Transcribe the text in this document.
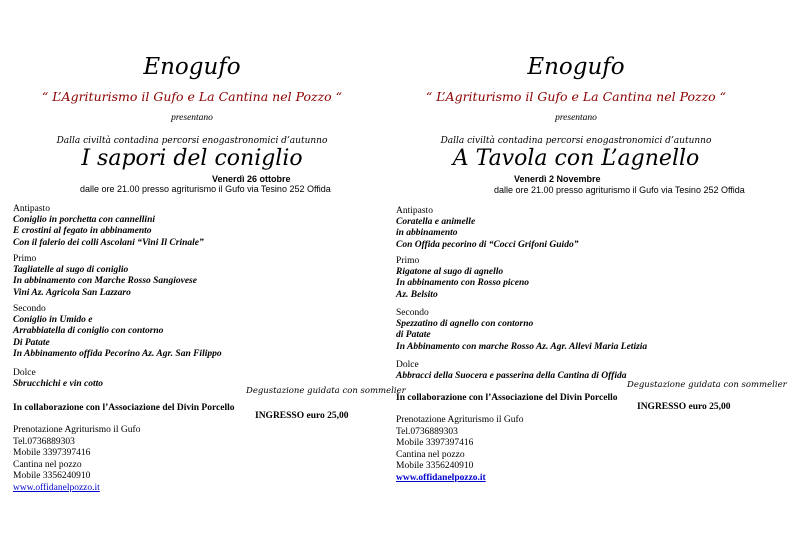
Enogufo
“ L’Agriturismo il Gufo e La Cantina nel Pozzo “
presentano
Dalla civiltà contadina percorsi enogastronomici d’autunno
I sapori del coniglio
Venerdì 26 ottobre
dalle ore 21.00 presso agriturismo il Gufo via Tesino 252 Offida
Antipasto
Coniglio in porchetta con cannellini
E crostini al fegato in abbinamento
Con il falerio dei colli Ascolani “Vini Il Crinale”
Primo
Tagliatelle al sugo di coniglio
In abbinamento con Marche Rosso Sangiovese
Vini Az. Agricola San Lazzaro
Secondo
Coniglio in Umido e
Arrabbiatella di coniglio con contorno
Di Patate
In Abbinamento offida Pecorino Az. Agr. San Filippo
Dolce
Sbrucchichi e vin cotto
Degustazione guidata con sommelier
In collaborazione con l’Associazione del Divin Porcello
INGRESSO euro 25,00
Prenotazione Agriturismo il Gufo
Tel.0736889303
Mobile 3397397416
Cantina nel pozzo
Mobile 3356240910
www.offidanelpozzo.it
Enogufo
“ L’Agriturismo il Gufo e La Cantina nel Pozzo “
presentano
Dalla civiltà contadina percorsi enogastronomici d’autunno
A Tavola con L’agnello
Venerdì 2 Novembre
dalle ore 21.00 presso agriturismo il Gufo via Tesino 252 Offida
Antipasto
Coratella e animelle
in abbinamento
Con Offida pecorino di “Cocci Grifoni Guido”
Primo
Rigatone al sugo di agnello
In abbinamento con Rosso piceno
Az. Belsito
Secondo
Spezzatino di agnello con contorno
di Patate
In Abbinamento con marche Rosso Az. Agr. Allevi Maria Letizia
Dolce
Abbracci della Suocera e passerina della Cantina di Offida
Degustazione guidata con sommelier
In collaborazione con l’Associazione del Divin Porcello
INGRESSO euro 25,00
Prenotazione Agriturismo il Gufo
Tel.0736889303
Mobile 3397397416
Cantina nel pozzo
Mobile 3356240910
www.offidanelpozzo.it
